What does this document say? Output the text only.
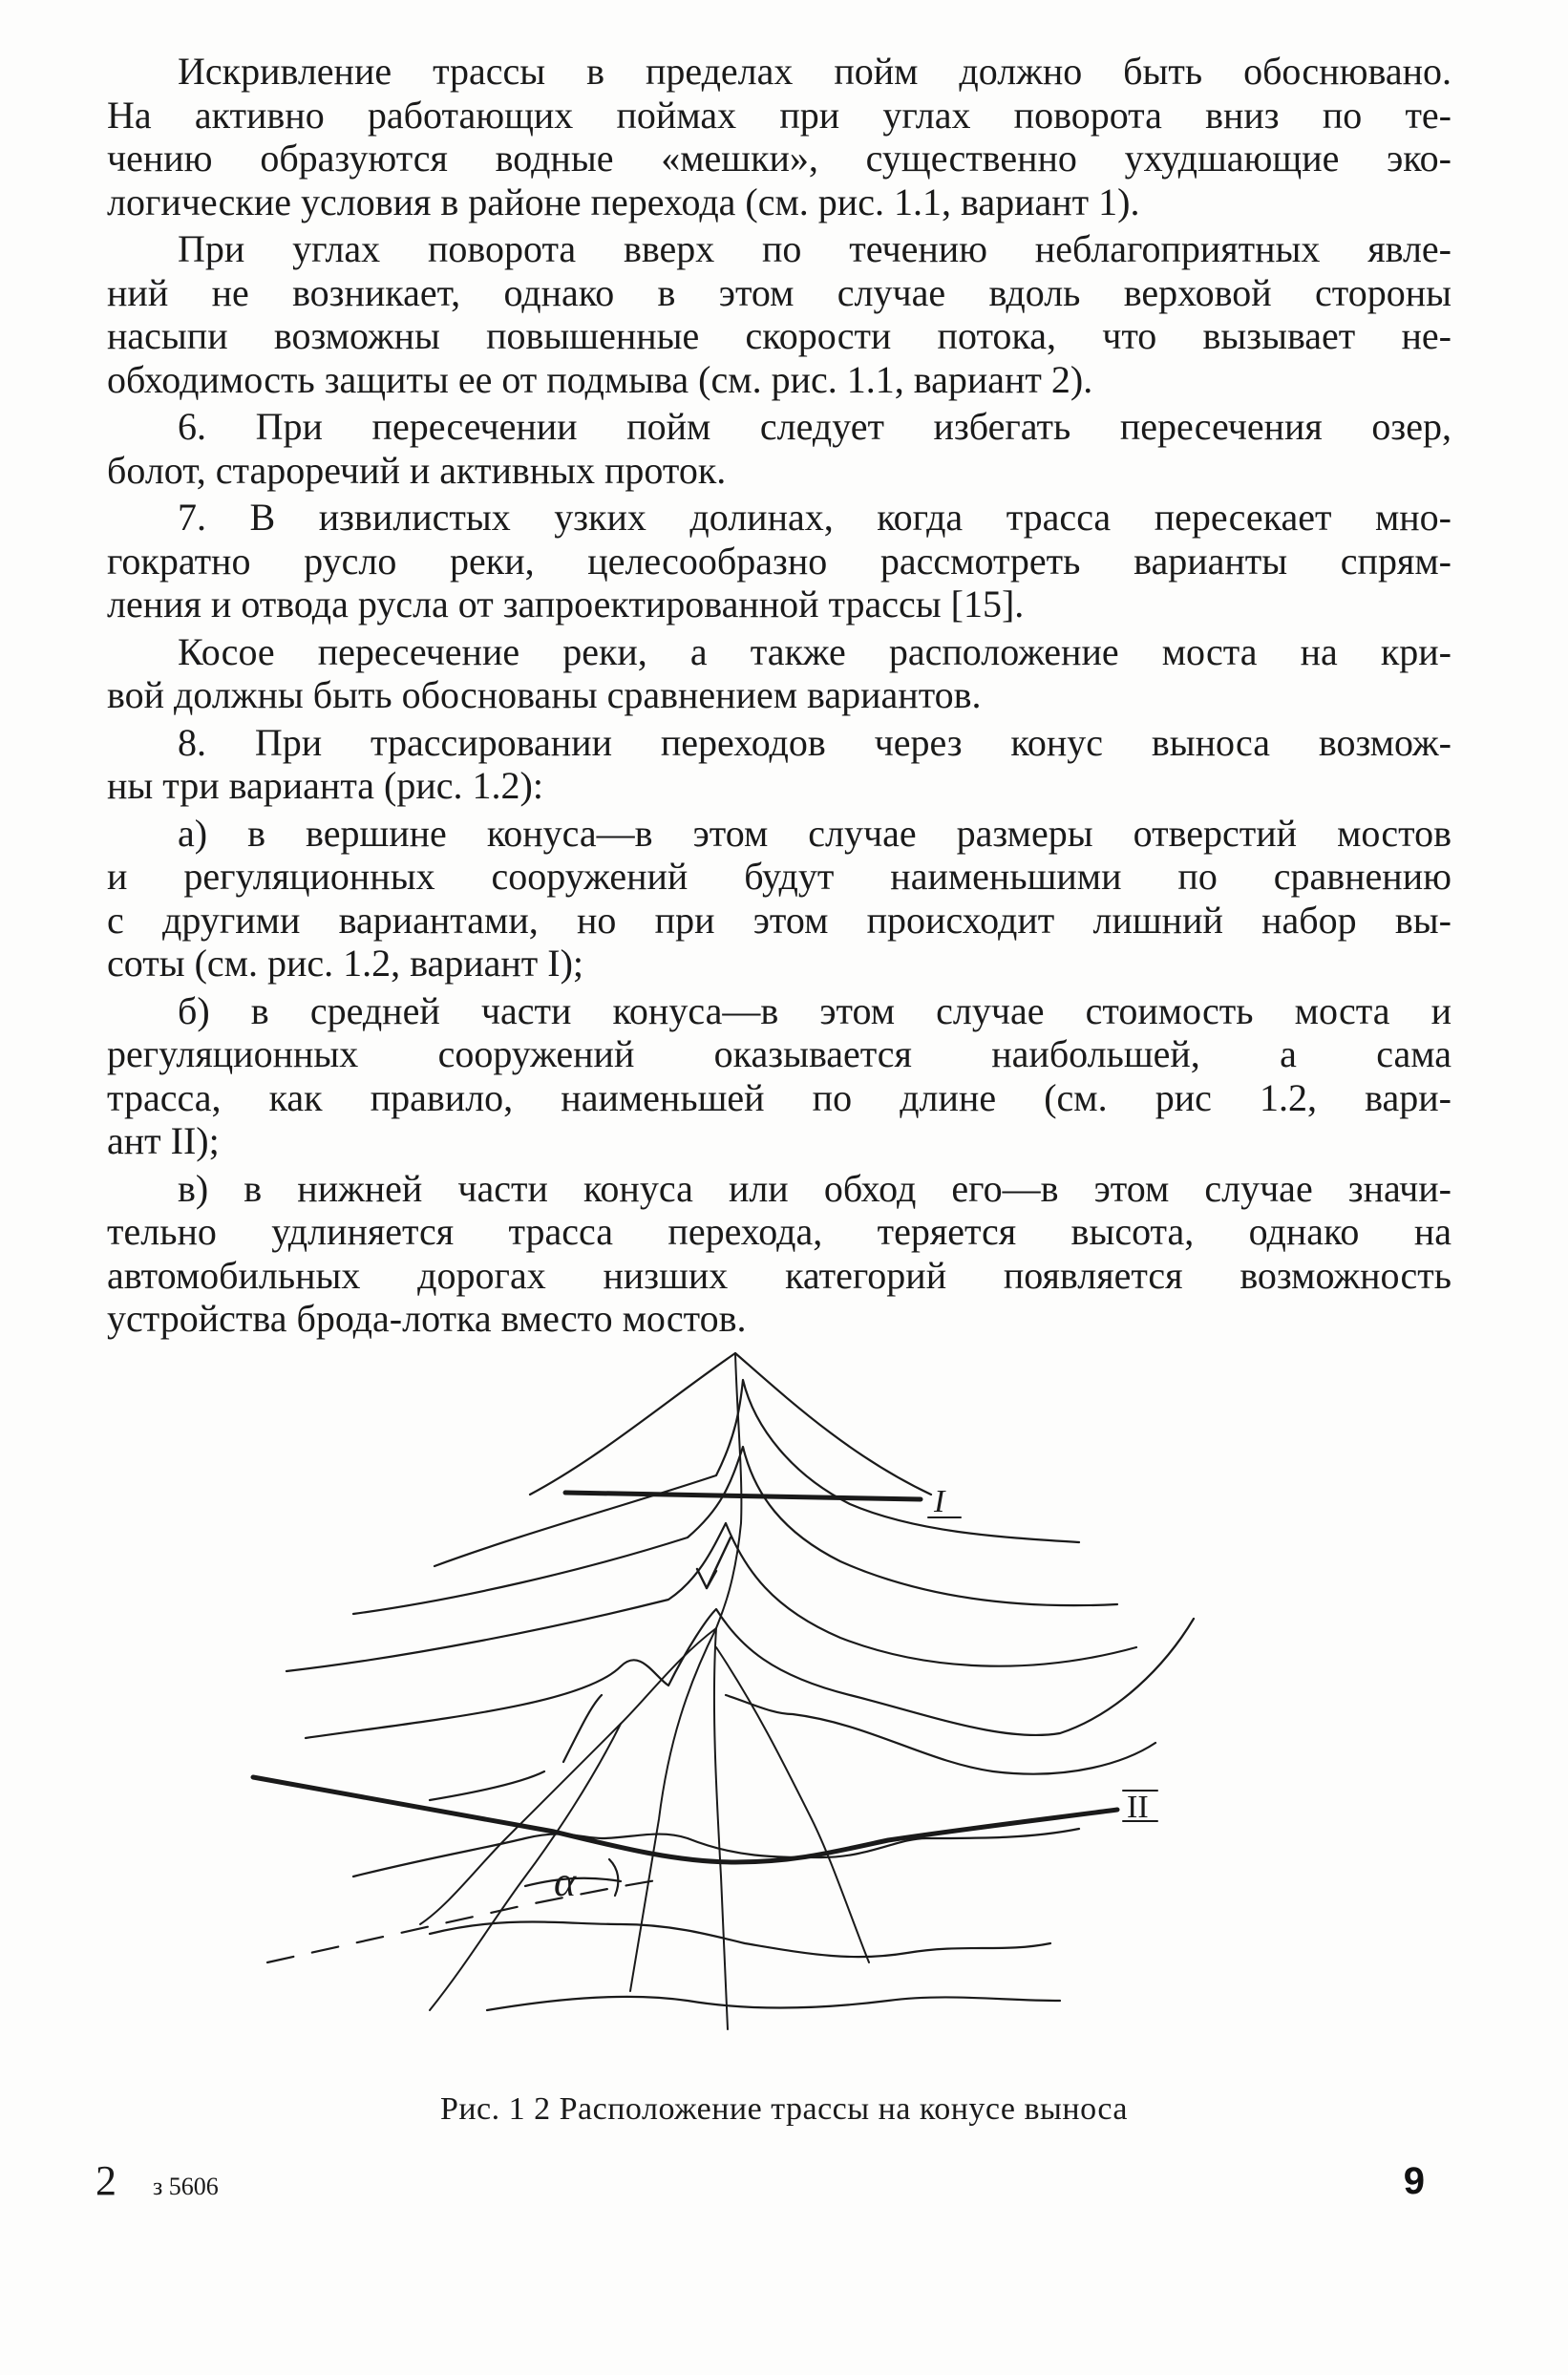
Искривление трассы в пределах пойм должно быть обоснювано.
На активно работающих поймах при углах поворота вниз по те-
чению образуются водные «мешки», существенно ухудшающие эко-
логические условия в районе перехода (см. рис. 1.1, вариант 1).
При углах поворота вверх по течению неблагоприятных явле-
ний не возникает, однако в этом случае вдоль верховой стороны
насыпи возможны повышенные скорости потока, что вызывает не-
обходимость защиты ее от подмыва (см. рис. 1.1, вариант 2).
6. При пересечении пойм следует избегать пересечения озер,
болот, стаpоречий и активных проток.
7. В извилистых узких долинах, когда трасса пересекает мно-
гократно русло реки, целесообразно рассмотреть варианты спрям-
ления и отвода русла от запроектированной трассы [15].
Косое пересечение реки, а также расположение моста на кри-
вой должны быть обоснованы сравнением вариантов.
8. При трассировании переходов через конус выноса возмож-
ны три варианта (рис. 1.2):
а) в вершине конуса—в этом случае размеры отверстий мостов
и регуляционных сооружений будут наименьшими по сравнению
с другими вариантами, но при этом происходит лишний набор вы-
соты (см. рис. 1.2, вариант I);
б) в средней части конуса—в этом случае стоимость моста и
регуляционных сооружений оказывается наибольшей, а сама
трасса, как правило, наименьшей по длине (см. рис 1.2, вари-
ант II);
в) в нижней части конуса или обход его—в этом случае значи-
тельно удлиняется трасса перехода, теряется высота, однако на
автомобильных дорогах низших категорий появляется возможность
устройства брода-лотка вместо мостов.
I
II
α
Рис. 1 2 Расположение трассы на конусе выноса
2 з 5606	9
